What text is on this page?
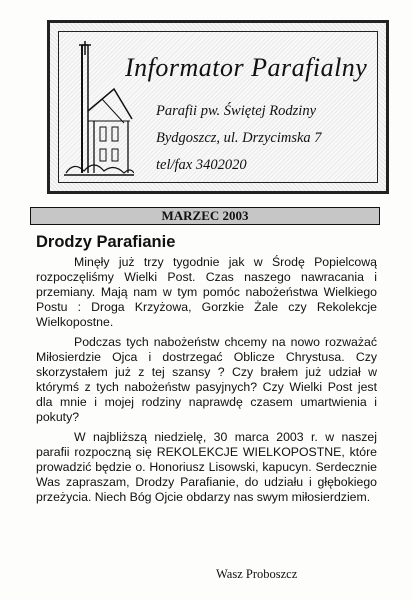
Informator Parafialny
Parafii pw. Świętej Rodziny
Bydgoszcz, ul. Drzycimska 7
tel/fax 3402020
MARZEC 2003
Drodzy Parafianie

Minęły już trzy tygodnie jak w Środę Popielcową rozpoczęliśmy Wielki Post. Czas naszego nawracania i przemiany. Mają nam w tym pomóc nabożeństwa Wielkiego Postu : Droga Krzyżowa, Gorzkie Żale czy Rekolekcje Wielkopostne.

Podczas tych nabożeństw chcemy na nowo rozważać Miłosierdzie Ojca i dostrzegać Oblicze Chrystusa. Czy skorzystałem już z tej szansy ? Czy brałem już udział w którymś z tych nabożeństw pasyjnych? Czy Wielki Post jest dla mnie i mojej rodziny naprawdę czasem umartwienia i pokuty?

W najbliższą niedzielę, 30 marca 2003 r. w naszej parafii rozpoczną się REKOLEKCJE WIELKOPOSTNE, które prowadzić będzie o. Honoriusz Lisowski, kapucyn. Serdecznie Was zapraszam, Drodzy Parafianie, do udziału i głębokiego przeżycia. Niech Bóg Ojcie obdarzy nas swym miłosierdziem.

Wasz Proboszcz
